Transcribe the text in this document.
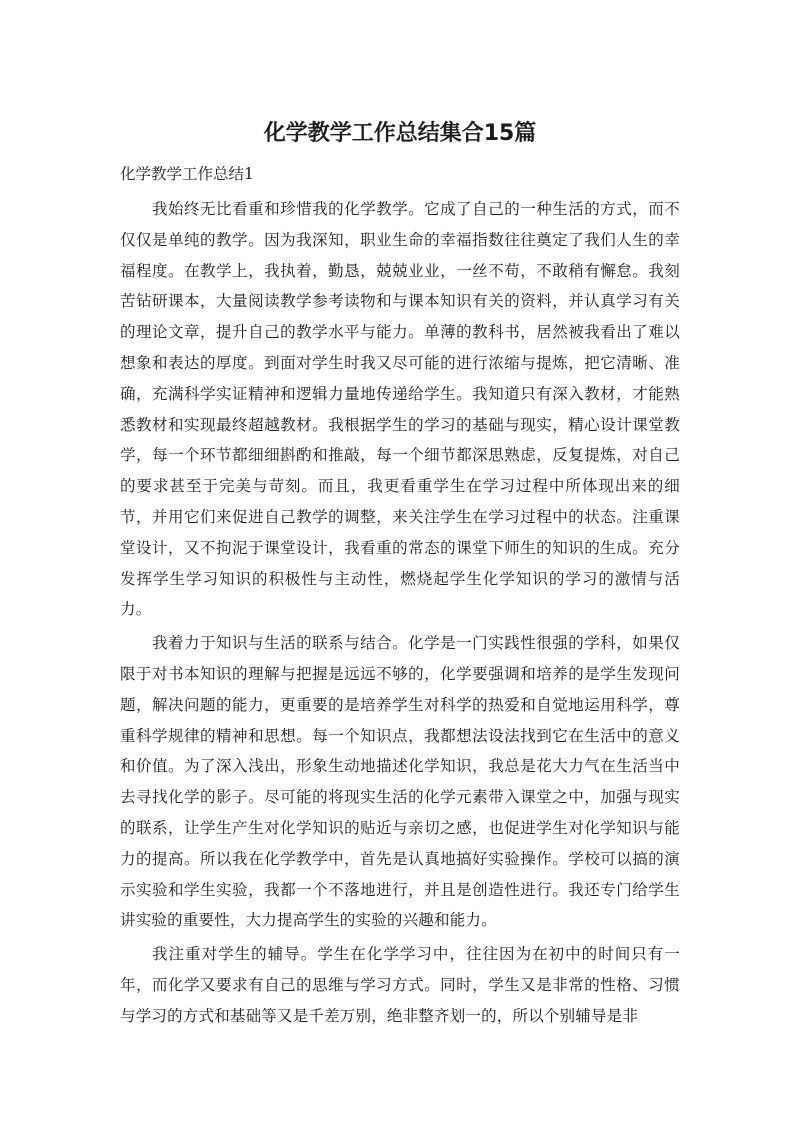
化学教学工作总结集合15篇

化学教学工作总结1

我始终无比看重和珍惜我的化学教学。它成了自己的一种生活的方式，而不仅仅是单纯的教学。因为我深知，职业生命的幸福指数往往奠定了我们人生的幸福程度。在教学上，我执着，勤恳，兢兢业业，一丝不苟，不敢稍有懈怠。我刻苦钻研课本，大量阅读教学参考读物和与课本知识有关的资料，并认真学习有关的理论文章，提升自己的教学水平与能力。单薄的教科书，居然被我看出了难以想象和表达的厚度。到面对学生时我又尽可能的进行浓缩与提炼，把它清晰、准确，充满科学实证精神和逻辑力量地传递给学生。我知道只有深入教材，才能熟悉教材和实现最终超越教材。我根据学生的学习的基础与现实，精心设计课堂教学，每一个环节都细细斟酌和推敲，每一个细节都深思熟虑，反复提炼，对自己的要求甚至于完美与苛刻。而且，我更看重学生在学习过程中所体现出来的细节，并用它们来促进自己教学的调整，来关注学生在学习过程中的状态。注重课堂设计，又不拘泥于课堂设计，我看重的常态的课堂下师生的知识的生成。充分发挥学生学习知识的积极性与主动性，燃烧起学生化学知识的学习的激情与活力。

我着力于知识与生活的联系与结合。化学是一门实践性很强的学科，如果仅限于对书本知识的理解与把握是远远不够的，化学要强调和培养的是学生发现问题，解决问题的能力，更重要的是培养学生对科学的热爱和自觉地运用科学，尊重科学规律的精神和思想。每一个知识点，我都想法设法找到它在生活中的意义和价值。为了深入浅出，形象生动地描述化学知识，我总是花大力气在生活当中去寻找化学的影子。尽可能的将现实生活的化学元素带入课堂之中，加强与现实的联系，让学生产生对化学知识的贴近与亲切之感，也促进学生对化学知识与能力的提高。所以我在化学教学中，首先是认真地搞好实验操作。学校可以搞的演示实验和学生实验，我都一个不落地进行，并且是创造性进行。我还专门给学生讲实验的重要性，大力提高学生的实验的兴趣和能力。

我注重对学生的辅导。学生在化学学习中，往往因为在初中的时间只有一年，而化学又要求有自己的思维与学习方式。同时，学生又是非常的性格、习惯与学习的方式和基础等又是千差万别，绝非整齐划一的，所以个别辅导是非
